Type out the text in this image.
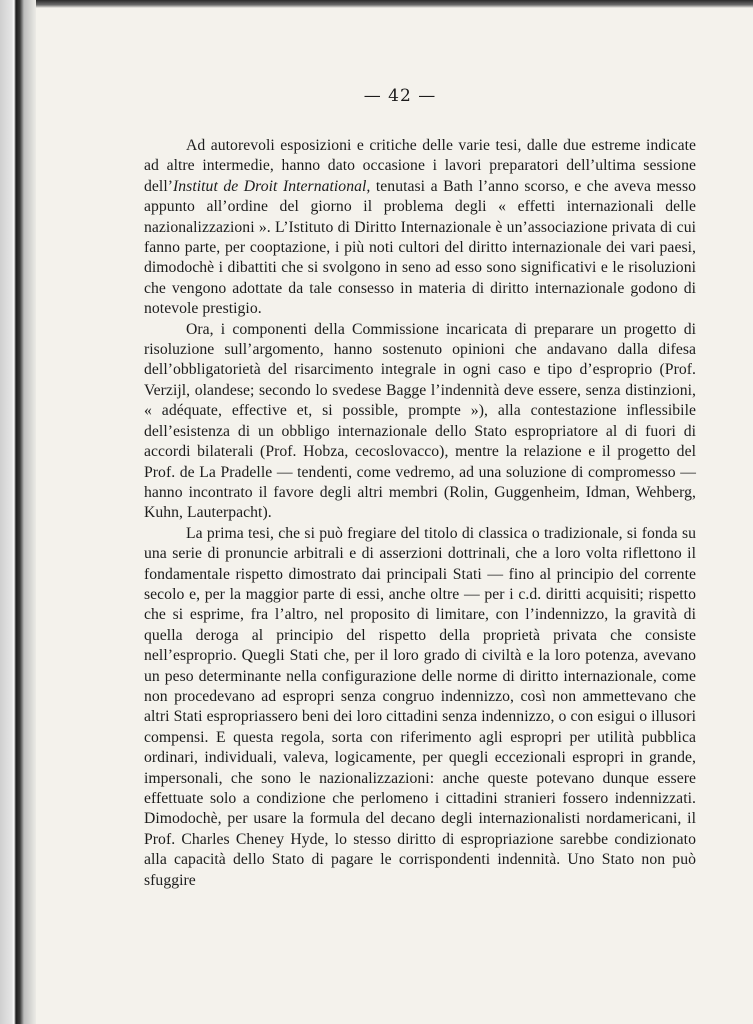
— 42 —

Ad autorevoli esposizioni e critiche delle varie tesi, dalle due estreme indicate ad altre intermedie, hanno dato occasione i lavori preparatori dell’ultima sessione dell’Institut de Droit International, tenutasi a Bath l’anno scorso, e che aveva messo appunto all’ordine del giorno il problema degli « effetti internazionali delle nazionalizzazioni ». L’Istituto di Diritto Internazionale è un’associazione privata di cui fanno parte, per cooptazione, i più noti cultori del diritto internazionale dei vari paesi, dimodochè i dibattiti che si svolgono in seno ad esso sono significativi e le risoluzioni che vengono adottate da tale consesso in materia di diritto internazionale godono di notevole prestigio.

Ora, i componenti della Commissione incaricata di preparare un progetto di risoluzione sull’argomento, hanno sostenuto opinioni che andavano dalla difesa dell’obbligatorietà del risarcimento integrale in ogni caso e tipo d’esproprio (Prof. Verzijl, olandese; secondo lo svedese Bagge l’indennità deve essere, senza distinzioni, « adéquate, effective et, si possible, prompte »), alla contestazione inflessibile dell’esistenza di un obbligo internazionale dello Stato espropriatore al di fuori di accordi bilaterali (Prof. Hobza, cecoslovacco), mentre la relazione e il progetto del Prof. de La Pradelle — tendenti, come vedremo, ad una soluzione di compromesso — hanno incontrato il favore degli altri membri (Rolin, Guggenheim, Idman, Wehberg, Kuhn, Lauterpacht).

La prima tesi, che si può fregiare del titolo di classica o tradizionale, si fonda su una serie di pronuncie arbitrali e di asserzioni dottrinali, che a loro volta riflettono il fondamentale rispetto dimostrato dai principali Stati — fino al principio del corrente secolo e, per la maggior parte di essi, anche oltre — per i c.d. diritti acquisiti; rispetto che si esprime, fra l’altro, nel proposito di limitare, con l’indennizzo, la gravità di quella deroga al principio del rispetto della proprietà privata che consiste nell’esproprio. Quegli Stati che, per il loro grado di civiltà e la loro potenza, avevano un peso determinante nella configurazione delle norme di diritto internazionale, come non procedevano ad espropri senza congruo indennizzo, così non ammettevano che altri Stati espropriassero beni dei loro cittadini senza indennizzo, o con esigui o illusori compensi. E questa regola, sorta con riferimento agli espropri per utilità pubblica ordinari, individuali, valeva, logicamente, per quegli eccezionali espropri in grande, impersonali, che sono le nazionalizzazioni: anche queste potevano dunque essere effettuate solo a condizione che perlomeno i cittadini stranieri fossero indennizzati. Dimodochè, per usare la formula del decano degli internazionalisti nordamericani, il Prof. Charles Cheney Hyde, lo stesso diritto di espropriazione sarebbe condizionato alla capacità dello Stato di pagare le corrispondenti indennità. Uno Stato non può sfuggire
